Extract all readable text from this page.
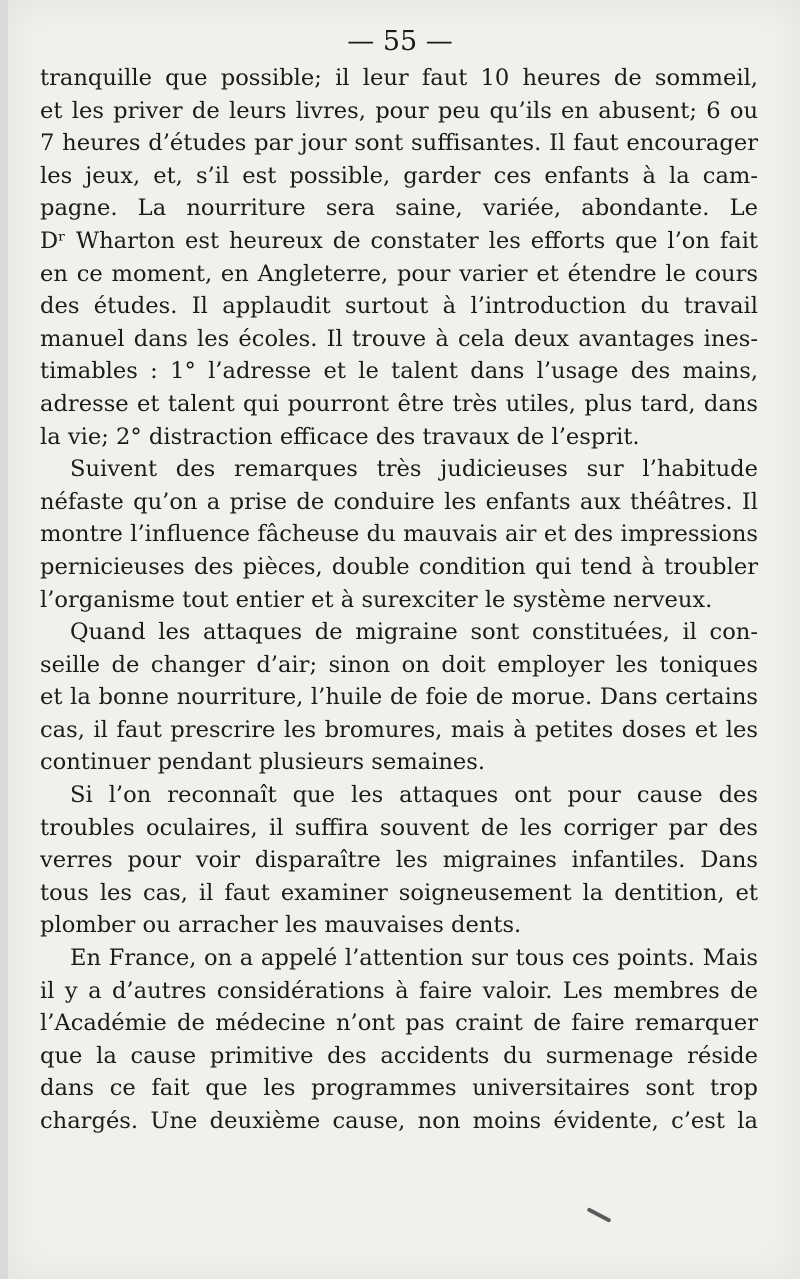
— 55 —
tranquille que possible; il leur faut 10 heures de sommeil,
et les priver de leurs livres, pour peu qu’ils en abusent; 6 ou
7 heures d’études par jour sont suffisantes. Il faut encourager
les jeux, et, s’il est possible, garder ces enfants à la cam-
pagne. La nourriture sera saine, variée, abondante. Le
Dʳ Wharton est heureux de constater les efforts que l’on fait
en ce moment, en Angleterre, pour varier et étendre le cours
des études. Il applaudit surtout à l’introduction du travail
manuel dans les écoles. Il trouve à cela deux avantages ines-
timables : 1° l’adresse et le talent dans l’usage des mains,
adresse et talent qui pourront être très utiles, plus tard, dans
la vie; 2° distraction efficace des travaux de l’esprit.
Suivent des remarques très judicieuses sur l’habitude
néfaste qu’on a prise de conduire les enfants aux théâtres. Il
montre l’influence fâcheuse du mauvais air et des impressions
pernicieuses des pièces, double condition qui tend à troubler
l’organisme tout entier et à surexciter le système nerveux.
Quand les attaques de migraine sont constituées, il con-
seille de changer d’air; sinon on doit employer les toniques
et la bonne nourriture, l’huile de foie de morue. Dans certains
cas, il faut prescrire les bromures, mais à petites doses et les
continuer pendant plusieurs semaines.
Si l’on reconnaît que les attaques ont pour cause des
troubles oculaires, il suffira souvent de les corriger par des
verres pour voir disparaître les migraines infantiles. Dans
tous les cas, il faut examiner soigneusement la dentition, et
plomber ou arracher les mauvaises dents.
En France, on a appelé l’attention sur tous ces points. Mais
il y a d’autres considérations à faire valoir. Les membres de
l’Académie de médecine n’ont pas craint de faire remarquer
que la cause primitive des accidents du surmenage réside
dans ce fait que les programmes universitaires sont trop
chargés. Une deuxième cause, non moins évidente, c’est la
